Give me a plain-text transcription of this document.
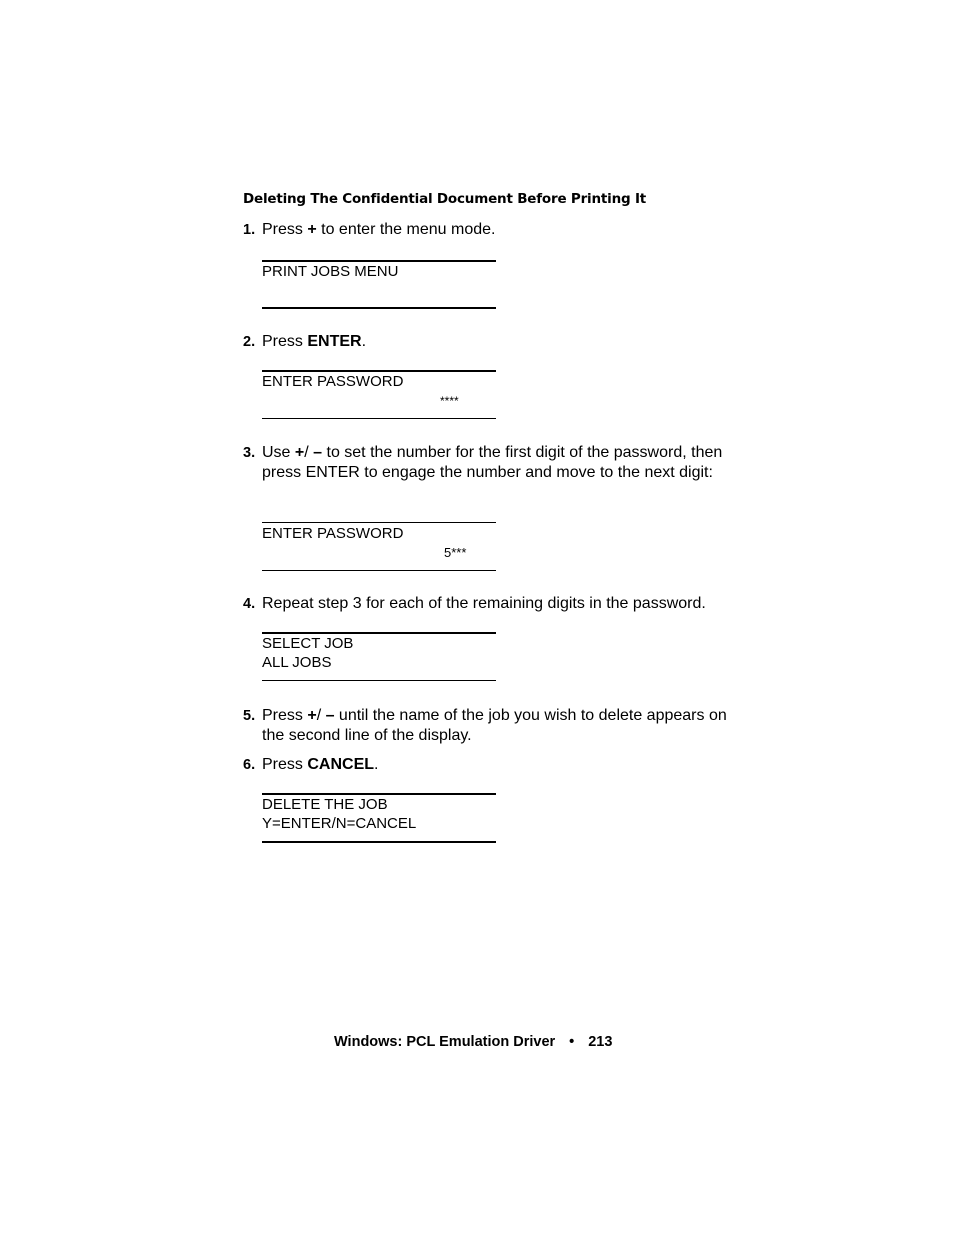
Deleting The Confidential Document Before Printing It
1. Press + to enter the menu mode.
PRINT JOBS MENU
2. Press ENTER.
ENTER PASSWORD
****
3. Use +/ – to set the number for the first digit of the password, then press ENTER to engage the number and move to the next digit:
ENTER PASSWORD
5***
4. Repeat step 3 for each of the remaining digits in the password.
SELECT JOB
ALL JOBS
5. Press +/ – until the name of the job you wish to delete appears on the second line of the display.
6. Press CANCEL.
DELETE THE JOB
Y=ENTER/N=CANCEL
Windows: PCL Emulation Driver • 213
